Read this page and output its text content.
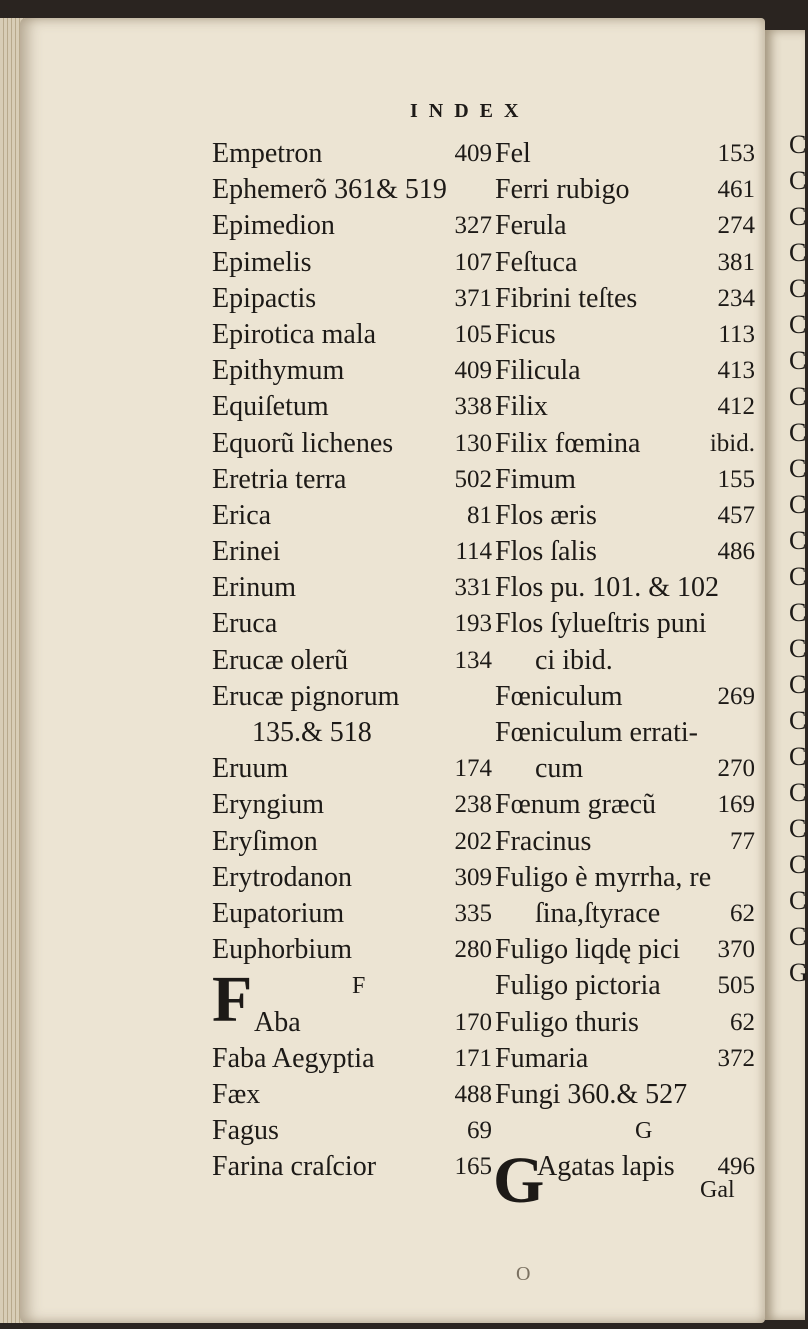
C
C
C
C
C
C
C
C
C
C
C
C
C
C
C
C
C
C
C
C
C
C
C
G
INDEX
Empetron	409
Ephemerõ 361& 519
Epimedion	327
Epimelis	107
Epipactis	371
Epirotica mala	105
Epithymum	409
Equiſetum	338
Equorũ lichenes 130
Eretria terra	502
Erica	81
Erinei	114
Erinum	331
Eruca	193
Erucæ olerũ	134
Erucæ pignorum
135.& 518
Eruum	174
Eryngium	238
Eryſimon	202
Erytrodanon	309
Eupatorium	335
Euphorbium	280
F
Aba	170
Faba Aegyptia	171
Fæx	488
Fagus	69
Farina craſcior	165
Fel	153
Ferri rubigo	461
Ferula	274
Feſtuca	381
Fibrini teſtes	234
Ficus	113
Filicula	413
Filix	412
Filix fœmina	ibid.
Fimum	155
Flos æris	457
Flos ſalis	486
Flos pu. 101. & 102
Flos ſylueſtris puni
ci ibid.
Fœniculum	269
Fœniculum errati-
cum	270
Fœnum græcũ 169
Fracinus	77
Fuligo è myrrha, re
ſina,ſtyrace	62
Fuligo liqdę pici 370
Fuligo pictoria 505
Fuligo thuris	62
Fumaria	372
Fungi 360.& 527
G
Agatas lapis 496
F
G	Gal
O
